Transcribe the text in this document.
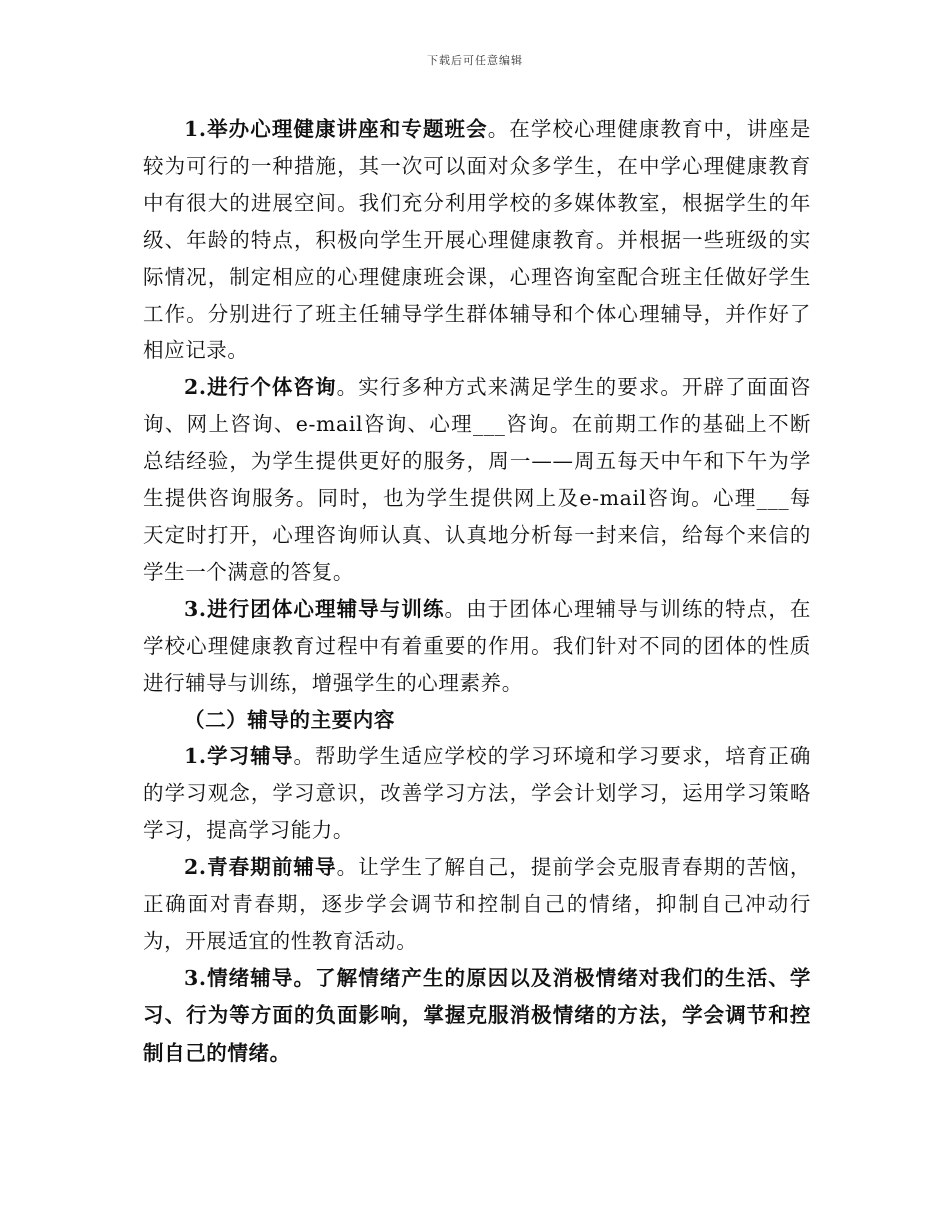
下载后可任意编辑

1.举办心理健康讲座和专题班会。在学校心理健康教育中，讲座是较为可行的一种措施，其一次可以面对众多学生，在中学心理健康教育中有很大的进展空间。我们充分利用学校的多媒体教室，根据学生的年级、年龄的特点，积极向学生开展心理健康教育。并根据一些班级的实际情况，制定相应的心理健康班会课，心理咨询室配合班主任做好学生工作。分别进行了班主任辅导学生群体辅导和个体心理辅导，并作好了相应记录。

2.进行个体咨询。实行多种方式来满足学生的要求。开辟了面面咨询、网上咨询、e-mail咨询、心理___咨询。在前期工作的基础上不断总结经验，为学生提供更好的服务，周一——周五每天中午和下午为学生提供咨询服务。同时，也为学生提供网上及e-mail咨询。心理___每天定时打开，心理咨询师认真、认真地分析每一封来信，给每个来信的学生一个满意的答复。

3.进行团体心理辅导与训练。由于团体心理辅导与训练的特点，在学校心理健康教育过程中有着重要的作用。我们针对不同的团体的性质进行辅导与训练，增强学生的心理素养。

（二）辅导的主要内容

1.学习辅导。帮助学生适应学校的学习环境和学习要求，培育正确的学习观念，学习意识，改善学习方法，学会计划学习，运用学习策略学习，提高学习能力。

2.青春期前辅导。让学生了解自己，提前学会克服青春期的苦恼，正确面对青春期，逐步学会调节和控制自己的情绪，抑制自己冲动行为，开展适宜的性教育活动。

3.情绪辅导。了解情绪产生的原因以及消极情绪对我们的生活、学习、行为等方面的负面影响，掌握克服消极情绪的方法，学会调节和控制自己的情绪。
